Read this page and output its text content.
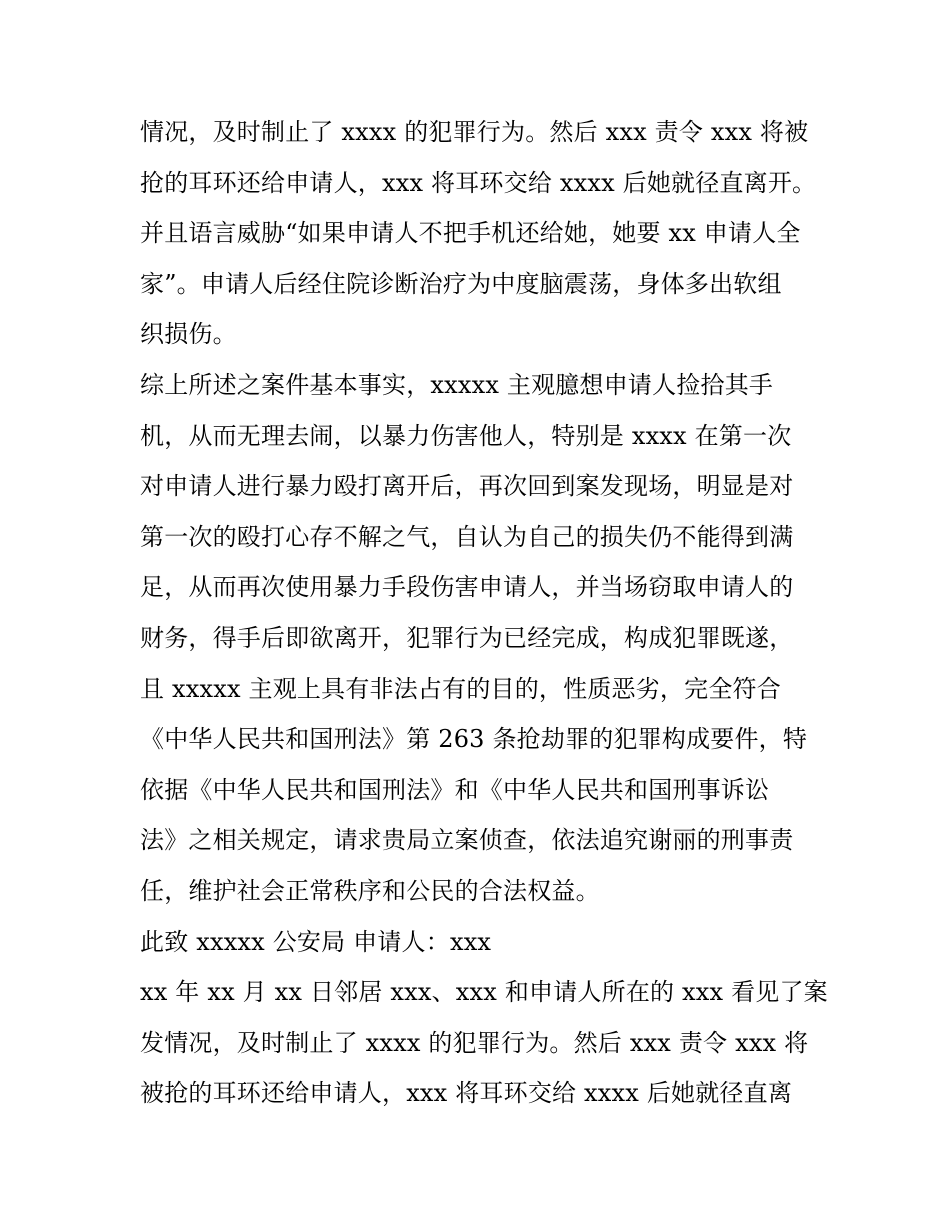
情况，及时制止了 xxxx 的犯罪行为。然后 xxx 责令 xxx 将被
抢的耳环还给申请人，xxx 将耳环交给 xxxx 后她就径直离开。
并且语言威胁“如果申请人不把手机还给她，她要 xx 申请人全
家”。申请人后经住院诊断治疗为中度脑震荡，身体多出软组
织损伤。
综上所述之案件基本事实，xxxxx 主观臆想申请人捡拾其手
机，从而无理去闹，以暴力伤害他人，特别是 xxxx 在第一次
对申请人进行暴力殴打离开后，再次回到案发现场，明显是对
第一次的殴打心存不解之气，自认为自己的损失仍不能得到满
足，从而再次使用暴力手段伤害申请人，并当场窃取申请人的
财务，得手后即欲离开，犯罪行为已经完成，构成犯罪既遂，
且 xxxxx 主观上具有非法占有的目的，性质恶劣，完全符合
《中华人民共和国刑法》第 263 条抢劫罪的犯罪构成要件，特
依据《中华人民共和国刑法》和《中华人民共和国刑事诉讼
法》之相关规定，请求贵局立案侦查，依法追究谢丽的刑事责
任，维护社会正常秩序和公民的合法权益。
此致 xxxxx 公安局 申请人：xxx
xx 年 xx 月 xx 日邻居 xxx、xxx 和申请人所在的 xxx 看见了案
发情况，及时制止了 xxxx 的犯罪行为。然后 xxx 责令 xxx 将
被抢的耳环还给申请人，xxx 将耳环交给 xxxx 后她就径直离
